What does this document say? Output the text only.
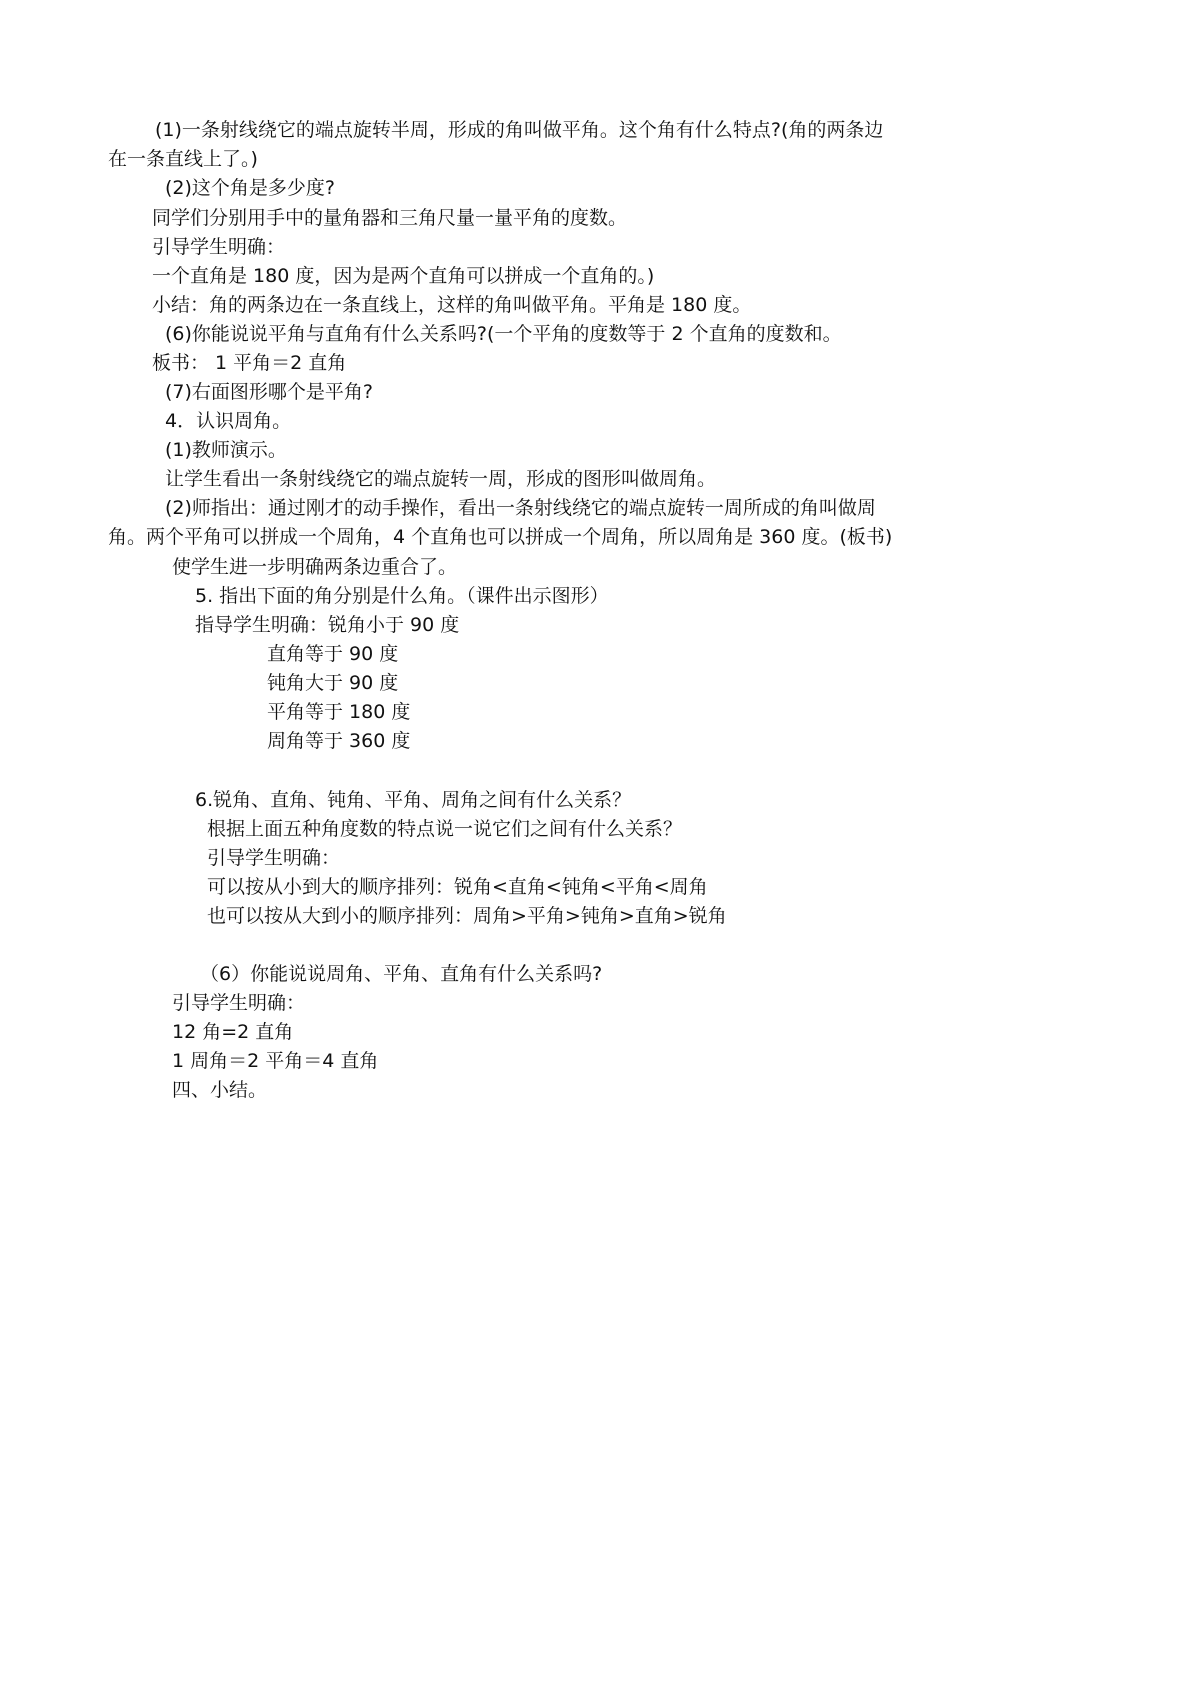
(1)一条射线绕它的端点旋转半周，形成的角叫做平角。这个角有什么特点?(角的两条边

在一条直线上了。)

(2)这个角是多少度?

同学们分别用手中的量角器和三角尺量一量平角的度数。

引导学生明确：

一个直角是 180 度，因为是两个直角可以拼成一个直角的。)

小结：角的两条边在一条直线上，这样的角叫做平角。平角是 180 度。

(6)你能说说平角与直角有什么关系吗?(一个平角的度数等于 2 个直角的度数和。

板书： 1 平角＝2 直角

(7)右面图形哪个是平角?

4．认识周角。

(1)教师演示。

让学生看出一条射线绕它的端点旋转一周，形成的图形叫做周角。

(2)师指出：通过刚才的动手操作，看出一条射线绕它的端点旋转一周所成的角叫做周

角。两个平角可以拼成一个周角，4 个直角也可以拼成一个周角，所以周角是 360 度。(板书)

使学生进一步明确两条边重合了。

5. 指出下面的角分别是什么角。（课件出示图形）

指导学生明确：锐角小于 90 度

直角等于 90 度

钝角大于 90 度

平角等于 180 度

周角等于 360 度

6.锐角、直角、钝角、平角、周角之间有什么关系？

根据上面五种角度数的特点说一说它们之间有什么关系？

引导学生明确：

可以按从小到大的顺序排列：锐角<直角<钝角<平角<周角

也可以按从大到小的顺序排列：周角>平角>钝角>直角>锐角

（6）你能说说周角、平角、直角有什么关系吗?

引导学生明确：

12 角=2 直角

1 周角＝2 平角＝4 直角

四、小结。
